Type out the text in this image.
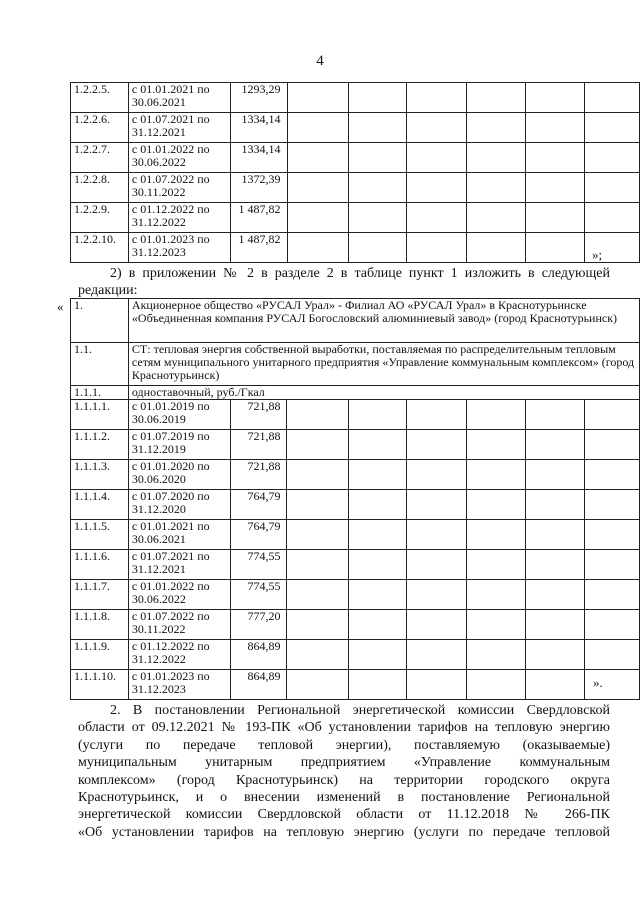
4
1.2.2.5.	с 01.01.2021 по 30.06.2021	1293,29						
1.2.2.6.	с 01.07.2021 по 31.12.2021	1334,14						
1.2.2.7.	с 01.01.2022 по 30.06.2022	1334,14						
1.2.2.8.	с 01.07.2022 по 30.11.2022	1372,39						
1.2.2.9.	с 01.12.2022 по 31.12.2022	1 487,82						
1.2.2.10.	с 01.01.2023 по 31.12.2023	1 487,82						
»;

2) в приложении № 2 в разделе 2 в таблице пункт 1 изложить в следующей

редакции:

« 1.	Акционерное общество «РУСАЛ Урал» - Филиал АО «РУСАЛ Урал» в Краснотурьинске «Объединенная компания РУСАЛ Богословский алюминиевый завод» (город Краснотурьинск)							
1.1.	СТ: тепловая энергия собственной выработки, поставляемая по распределительным тепловым сетям муниципального унитарного предприятия «Управление коммунальным комплексом» (город Краснотурьинск)							
1.1.1.	одноставочный, руб./Гкал							
1.1.1.1.	с 01.01.2019 по 30.06.2019	721,88						
1.1.1.2.	с 01.07.2019 по 31.12.2019	721,88						
1.1.1.3.	с 01.01.2020 по 30.06.2020	721,88						
1.1.1.4.	с 01.07.2020 по 31.12.2020	764,79						
1.1.1.5.	с 01.01.2021 по 30.06.2021	764,79						
1.1.1.6.	с 01.07.2021 по 31.12.2021	774,55						
1.1.1.7.	с 01.01.2022 по 30.06.2022	774,55						
1.1.1.8.	с 01.07.2022 по 30.11.2022	777,20						
1.1.1.9.	с 01.12.2022 по 31.12.2022	864,89						
1.1.1.10.	с 01.01.2023 по 31.12.2023	864,89							».

2. В постановлении Региональной энергетической комиссии Свердловской

области от 09.12.2021 № 193-ПК «Об установлении тарифов на тепловую энергию

(услуги по передаче тепловой энергии), поставляемую (оказываемые)

муниципальным унитарным предприятием «Управление коммунальным

комплексом» (город Краснотурьинск) на территории городского округа

Краснотурьинск, и о внесении изменений в постановление Региональной

энергетической комиссии Свердловской области от 11.12.2018 № 266-ПК

«Об установлении тарифов на тепловую энергию (услуги по передаче тепловой
